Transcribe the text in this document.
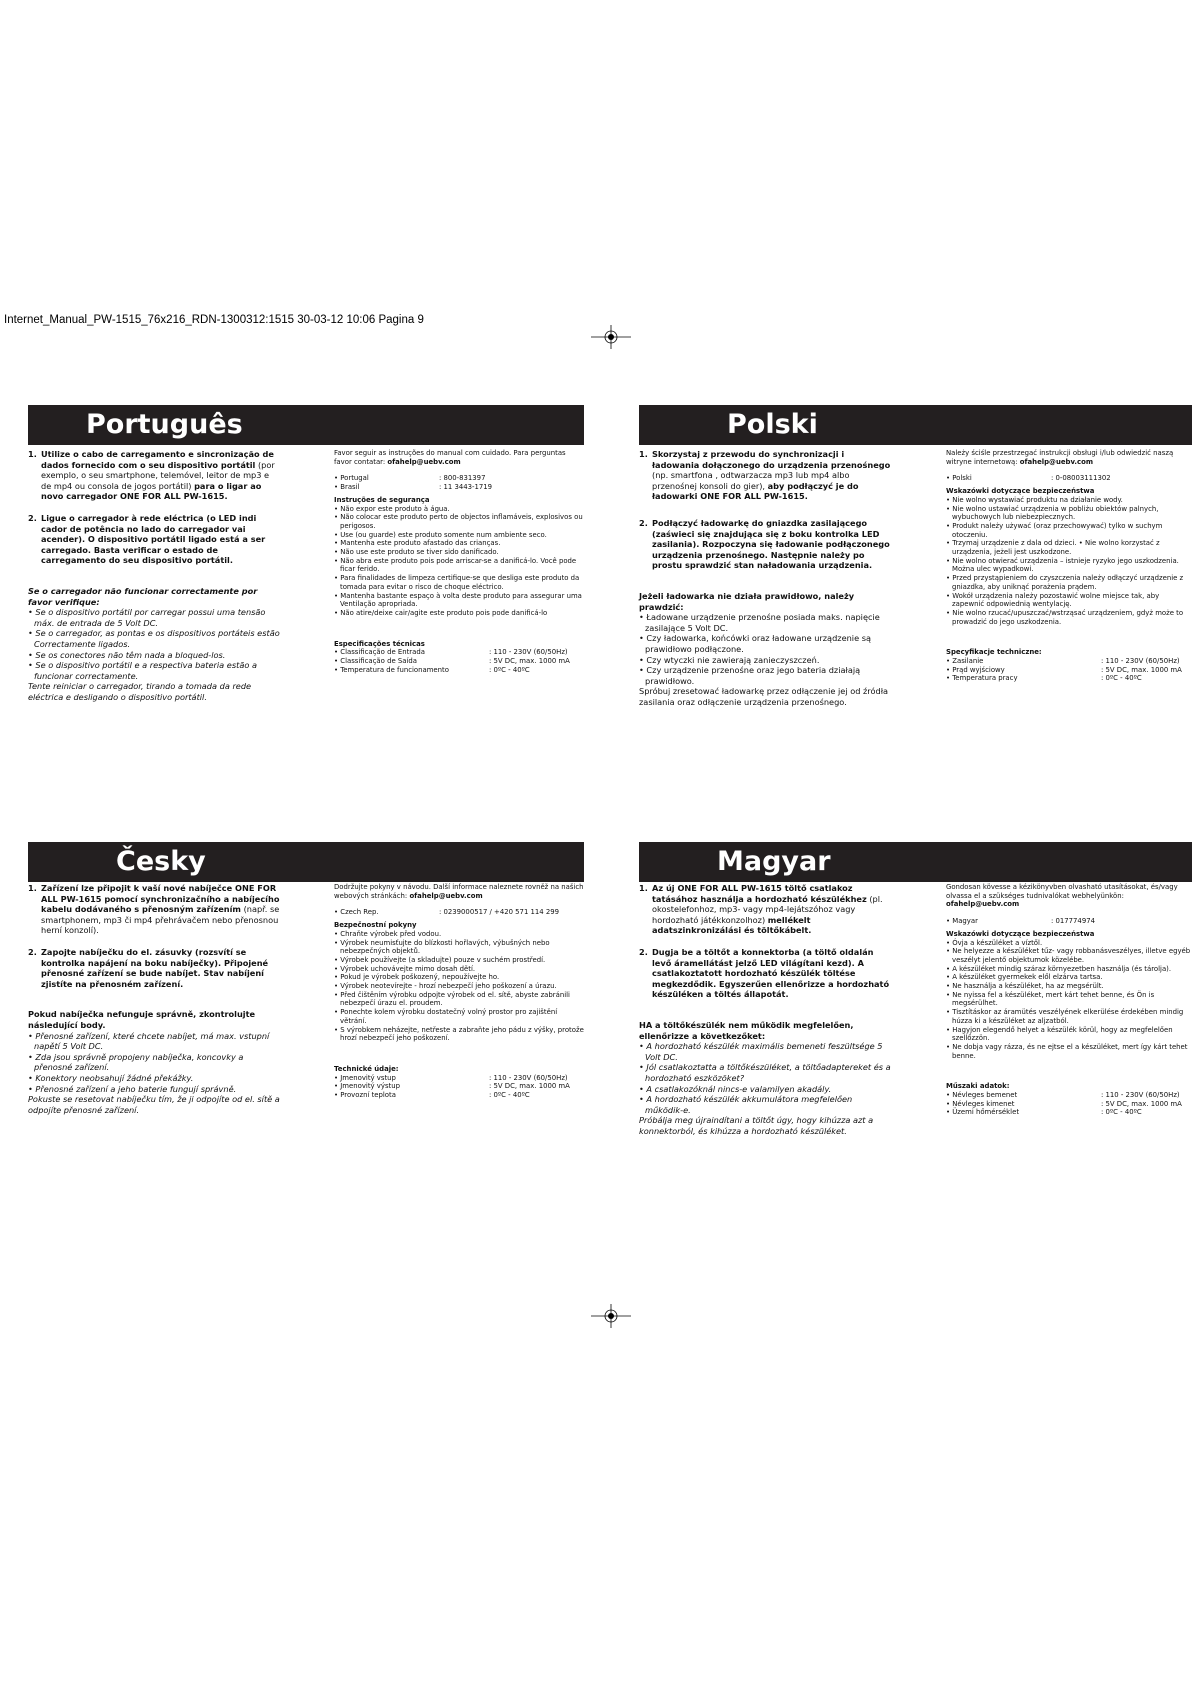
Internet_Manual_PW-1515_76x216_RDN-1300312:1515 30-03-12 10:06 Pagina 9
Português

1. Utilize o cabo de carregamento e sincronização de dados fornecido com o seu dispositivo portátil (por exemplo, o seu smartphone, telemóvel, leitor de mp3 e de mp4 ou consola de jogos portátil) para o ligar ao novo carregador ONE FOR ALL PW-1615.

2. Ligue o carregador à rede eléctrica (o LED indi cador de potência no lado do carregador vai acender). O dispositivo portátil ligado está a ser carregado. Basta verificar o estado de carregamento do seu dispositivo portátil.

Se o carregador não funcionar correctamente por favor verifique:
• Se o dispositivo portátil por carregar possui uma tensão máx. de entrada de 5 Volt DC.
• Se o carregador, as pontas e os dispositivos portáteis estão Correctamente ligados.
• Se os conectores não têm nada a bloqued-los.
• Se o dispositivo portátil e a respectiva bateria estão a funcionar correctamente.
Tente reiniciar o carregador, tirando a tomada da rede eléctrica e desligando o dispositivo portátil.
Favor seguir as instruções do manual com cuidado. Para perguntas favor contatar: ofahelp@uebv.com
• Portugal	: 800-831397
• Brasil	: 11 3443-1719
Instruções de segurança
• Não expor este produto à água.
• Não colocar este produto perto de objectos inflamáveis, explosivos ou perigosos.
• Use (ou guarde) este produto somente num ambiente seco.
• Mantenha este produto afastado das crianças.
• Não use este produto se tiver sido danificado.
• Não abra este produto pois pode arriscar-se a danificá-lo. Você pode ficar ferido.
• Para finalidades de limpeza certifique-se que desliga este produto da tomada para evitar o risco de choque eléctrico.
• Mantenha bastante espaço à volta deste produto para assegurar uma Ventilação apropriada.
• Não atire/deixe cair/agite este produto pois pode danificá-lo
Especificações técnicas
• Classificação de Entrada	: 110 - 230V (60/50Hz)
• Classificação de Saída	: 5V DC, max. 1000 mA
• Temperatura de funcionamento	: 0ºC - 40ºC
Polski

1. Skorzystaj z przewodu do synchronizacji i ładowania dołączonego do urządzenia przenośnego (np. smartfona , odtwarzacza mp3 lub mp4 albo przenośnej konsoli do gier), aby podłączyć je do ładowarki ONE FOR ALL PW-1615.

2. Podłączyć ładowarkę do gniazdka zasilającego (zaświeci się znajdująca się z boku kontrolka LED zasilania). Rozpoczyna się ładowanie podłączonego urządzenia przenośnego. Następnie należy po prostu sprawdzić stan naładowania urządzenia.

Jeżeli ładowarka nie działa prawidłowo, należy prawdzić:
• Ładowane urządzenie przenośne posiada maks. napięcie zasilające 5 Volt DC.
• Czy ładowarka, końcówki oraz ładowane urządzenie są prawidłowo podłączone.
• Czy wtyczki nie zawierają zanieczyszczeń.
• Czy urządzenie przenośne oraz jego bateria działają prawidłowo.
Spróbuj zresetować ładowarkę przez odłączenie jej od źródła zasilania oraz odłączenie urządzenia przenośnego.
Należy ściśle przestrzegać instrukcji obsługi i/lub odwiedzić naszą witryne internetową: ofahelp@uebv.com
• Polski	: 0-08003111302
Wskazówki dotyczące bezpieczeństwa
• Nie wolno wystawiać produktu na działanie wody.
• Nie wolno ustawiać urządzenia w pobliżu obiektów palnych, wybuchowych lub niebezpiecznych.
• Produkt należy używać (oraz przechowywać) tylko w suchym otoczeniu.
• Trzymaj urządzenie z dala od dzieci. • Nie wolno korzystać z urządzenia, jeżeli jest uszkodzone.
• Nie wolno otwierać urządzenia – istnieje ryzyko jego uszkodzenia. Można ulec wypadkowi.
• Przed przystąpieniem do czyszczenia należy odłączyć urządzenie z gniazdka, aby uniknąć porażenia prądem.
• Wokół urządzenia należy pozostawić wolne miejsce tak, aby zapewnić odpowiednią wentylację.
• Nie wolno rzucać/upuszczać/wstrząsać urządzeniem, gdyż może to prowadzić do jego uszkodzenia.
Specyfikacje techniczne:
• Zasilanie	: 110 - 230V (60/50Hz)
• Prąd wyjściowy	: 5V DC, max. 1000 mA
• Temperatura pracy	: 0ºC - 40ºC
Česky

1. Zařízení lze připojit k vaší nové nabíječce ONE FOR ALL PW-1615 pomocí synchronizačního a nabíjecího kabelu dodávaného s přenosným zařízením (např. se smartphonem, mp3 či mp4 přehrávačem nebo přenosnou herní konzolí).

2. Zapojte nabíječku do el. zásuvky (rozsvítí se kontrolka napájení na boku nabíječky). Připojené přenosné zařízení se bude nabíjet. Stav nabíjení zjistíte na přenosném zařízení.

Pokud nabíječka nefunguje správně, zkontrolujte následující body.
• Přenosné zařízení, které chcete nabíjet, má max. vstupní napětí 5 Volt DC.
• Zda jsou správně propojeny nabíječka, koncovky a přenosné zařízení.
• Konektory neobsahují žádné překážky.
• Přenosné zařízení a jeho baterie fungují správně.
Pokuste se resetovat nabíječku tím, že ji odpojíte od el. sítě a odpojíte přenosné zařízení.
Dodržujte pokyny v návodu. Další informace naleznete rovněž na našich webových stránkách: ofahelp@uebv.com
• Czech Rep.	: 0239000517 / +420 571 114 299
Bezpečnostní pokyny
• Chraňte výrobek před vodou.
• Výrobek neumisťujte do blízkosti hořlavých, výbušných nebo nebezpečných objektů.
• Výrobek používejte (a skladujte) pouze v suchém prostředí.
• Výrobek uchovávejte mimo dosah dětí.
• Pokud je výrobek poškozený, nepoužívejte ho.
• Výrobek neotevírejte - hrozí nebezpečí jeho poškození a úrazu.
• Před čištěním výrobku odpojte výrobek od el. sítě, abyste zabránili nebezpečí úrazu el. proudem.
• Ponechte kolem výrobku dostatečný volný prostor pro zajištění větrání.
• S výrobkem neházejte, netřeste a zabraňte jeho pádu z výšky, protože hrozí nebezpečí jeho poškození.
Technické údaje:
• Jmenovitý vstup	: 110 - 230V (60/50Hz)
• Jmenovitý výstup	: 5V DC, max. 1000 mA
• Provozní teplota	: 0ºC - 40ºC
Magyar

1. Az új ONE FOR ALL PW-1615 töltő csatlakoz tatásához használja a hordozható készülékhez (pl. okostelefonhoz, mp3- vagy mp4-lejátszóhoz vagy hordozható játékkonzolhoz) mellékelt adatszinkronizálási és töltőkábelt.

2. Dugja be a töltőt a konnektorba (a töltő oldalán levő áramellátást jelző LED világítani kezd). A csatlakoztatott hordozható készülék töltése megkezdődik. Egyszerűen ellenőrizze a hordozható készüléken a töltés állapotát.

HA a töltőkészülék nem működik megfelelően, ellenőrizze a következőket:
• A hordozható készülék maximális bemeneti feszültsége 5 Volt DC.
• Jól csatlakoztatta a töltőkészüléket, a töltőadaptereket és a hordozható eszközöket?
• A csatlakozóknál nincs-e valamilyen akadály.
• A hordozható készülék akkumulátora megfelelően működik-e.
Próbálja meg újraindítani a töltőt úgy, hogy kihúzza azt a konnektorból, és kihúzza a hordozható készüléket.
Gondosan kövesse a kézikönyvben olvasható utasításokat, és/vagy olvassa el a szükséges tudnivalókat webhelyünkön: ofahelp@uebv.com
• Magyar	: 017774974
Wskazówki dotyczące bezpieczeństwa
• Óvja a készüléket a víztől.
• Ne helyezze a készüléket tűz- vagy robbanásveszélyes, illetve egyéb veszélyt jelentő objektumok közelébe.
• A készüléket mindig száraz környezetben használja (és tárolja).
• A készüléket gyermekek elől elzárva tartsa.
• Ne használja a készüléket, ha az megsérült.
• Ne nyissa fel a készüléket, mert kárt tehet benne, és Ön is megsérülhet.
• Tisztításkor az áramütés veszélyének elkerülése érdekében mindig húzza ki a készüléket az aljzatból.
• Hagyjon elegendő helyet a készülék körül, hogy az megfelelően szellőzzön.
• Ne dobja vagy rázza, és ne ejtse el a készüléket, mert így kárt tehet benne.
Műszaki adatok:
• Névleges bemenet	: 110 - 230V (60/50Hz)
• Névleges kimenet	: 5V DC, max. 1000 mA
• Üzemi hőmérséklet	: 0ºC - 40ºC
